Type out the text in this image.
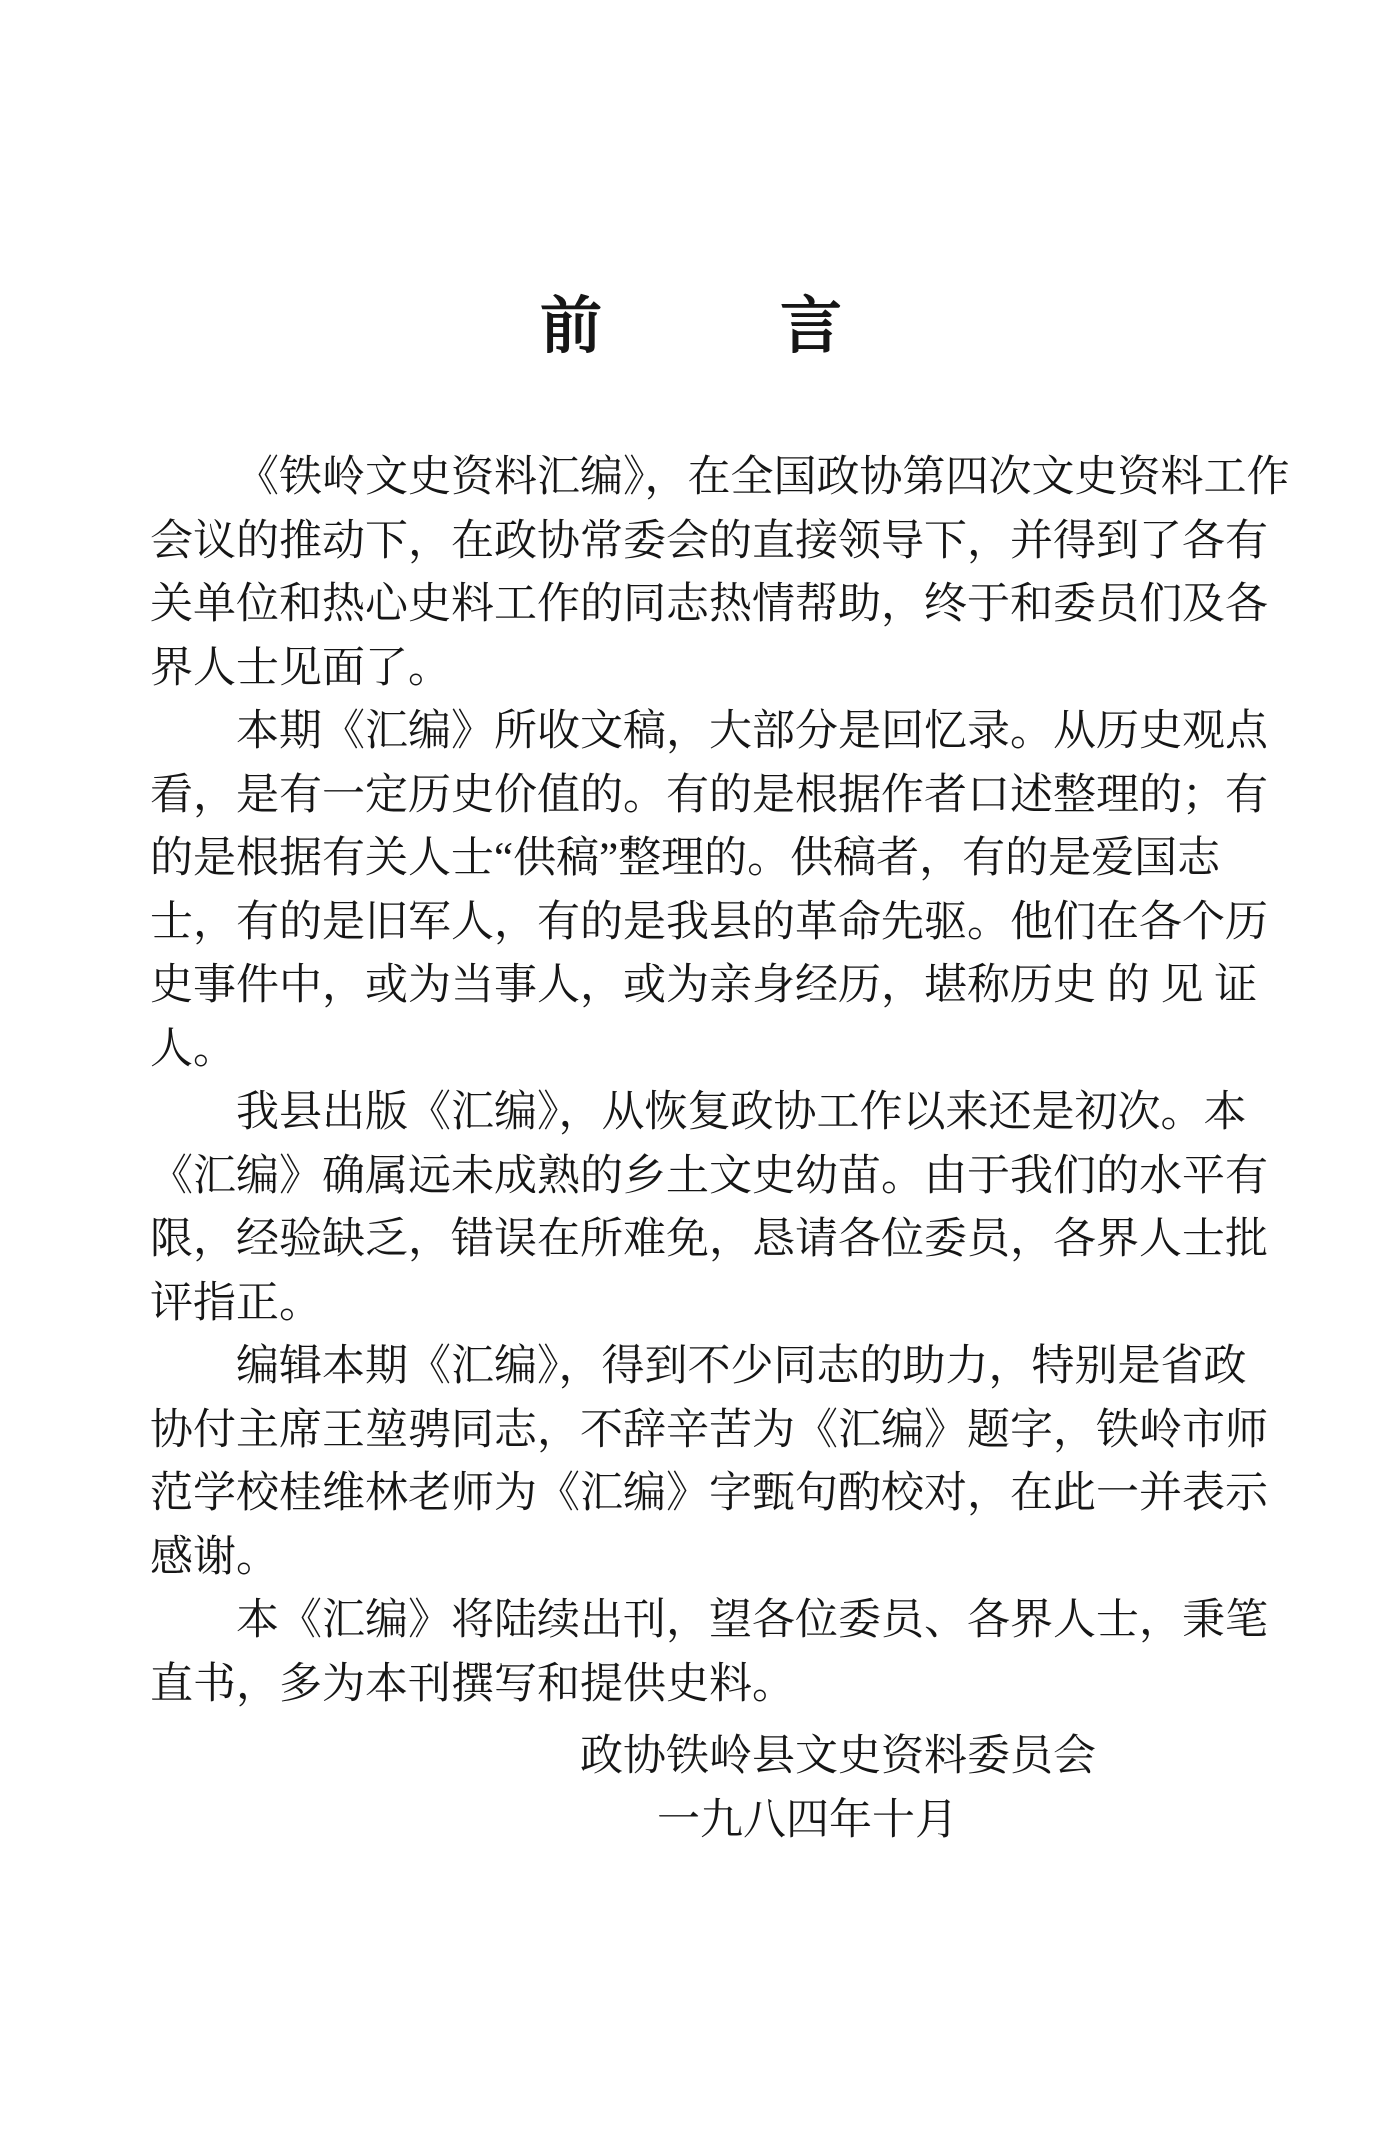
前	言
《铁岭文史资料汇编》，在全国政协第四次文史资料工作
会议的推动下，在政协常委会的直接领导下，并得到了各有
关单位和热心史料工作的同志热情帮助，终于和委员们及各
界人士见面了。
本期《汇编》所收文稿，大部分是回忆录。从历史观点
看，是有一定历史价值的。有的是根据作者口述整理的；有
的是根据有关人士“供稿”整理的。供稿者，有的是爱国志
士，有的是旧军人，有的是我县的革命先驱。他们在各个历
史事件中，或为当事人，或为亲身经历，堪称历史 的 见 证
人。
我县出版《汇编》，从恢复政协工作以来还是初次。本
《汇编》确属远未成熟的乡土文史幼苗。由于我们的水平有
限，经验缺乏，错误在所难免，恳请各位委员，各界人士批
评指正。
编辑本期《汇编》，得到不少同志的助力，特别是省政
协付主席王堃骋同志，不辞辛苦为《汇编》题字，铁岭市师
范学校桂维林老师为《汇编》字甄句酌校对，在此一并表示
感谢。
本《汇编》将陆续出刊，望各位委员、各界人士，秉笔
直书，多为本刊撰写和提供史料。
政协铁岭县文史资料委员会
一九八四年十月
